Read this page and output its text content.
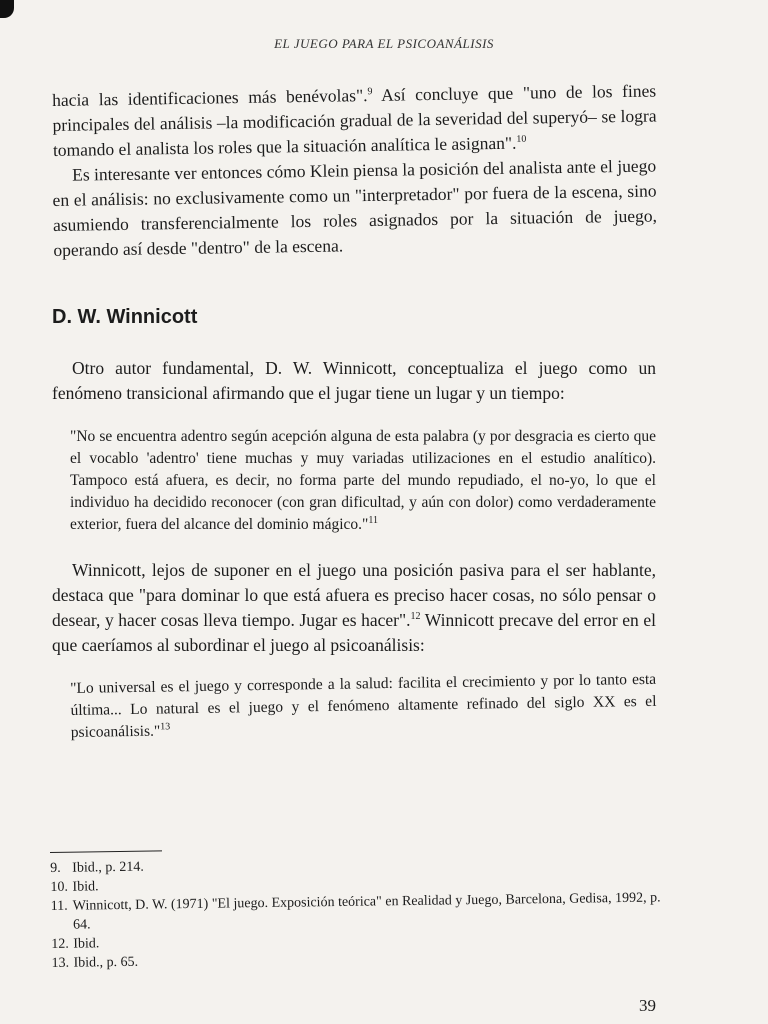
EL JUEGO PARA EL PSICOANÁLISIS

hacia las identificaciones más benévolas".$^9$ Así concluye que "uno de los fines principales del análisis –la modificación gradual de la severidad del superyó– se logra tomando el analista los roles que la situación analítica le asignan".$^{10}$

Es interesante ver entonces cómo Klein piensa la posición del analista ante el juego en el análisis: no exclusivamente como un "interpretador" por fuera de la escena, sino asumiendo transferencialmente los roles asignados por la situación de juego, operando así desde "dentro" de la escena.

D. W. Winnicott

Otro autor fundamental, D. W. Winnicott, conceptualiza el juego como un fenómeno transicional afirmando que el jugar tiene un lugar y un tiempo:

"No se encuentra adentro según acepción alguna de esta palabra (y por desgracia es cierto que el vocablo 'adentro' tiene muchas y muy variadas utilizaciones en el estudio analítico). Tampoco está afuera, es decir, no forma parte del mundo repudiado, el no-yo, lo que el individuo ha decidido reconocer (con gran dificultad, y aún con dolor) como verdaderamente exterior, fuera del alcance del dominio mágico."$^{11}$

Winnicott, lejos de suponer en el juego una posición pasiva para el ser hablante, destaca que "para dominar lo que está afuera es preciso hacer cosas, no sólo pensar o desear, y hacer cosas lleva tiempo. Jugar es hacer".$^{12}$ Winnicott precave del error en el que caeríamos al subordinar el juego al psicoanálisis:

"Lo universal es el juego y corresponde a la salud: facilita el crecimiento y por lo tanto esta última... Lo natural es el juego y el fenómeno altamente refinado del siglo XX es el psicoanálisis."$^{13}$

9. Ibid., p. 214.

10. Ibid.

11. Winnicott, D. W. (1971) "El juego. Exposición teórica" en Realidad y Juego, Barcelona, Gedisa, 1992, p. 64.

12. Ibid.

13. Ibid., p. 65.

39
